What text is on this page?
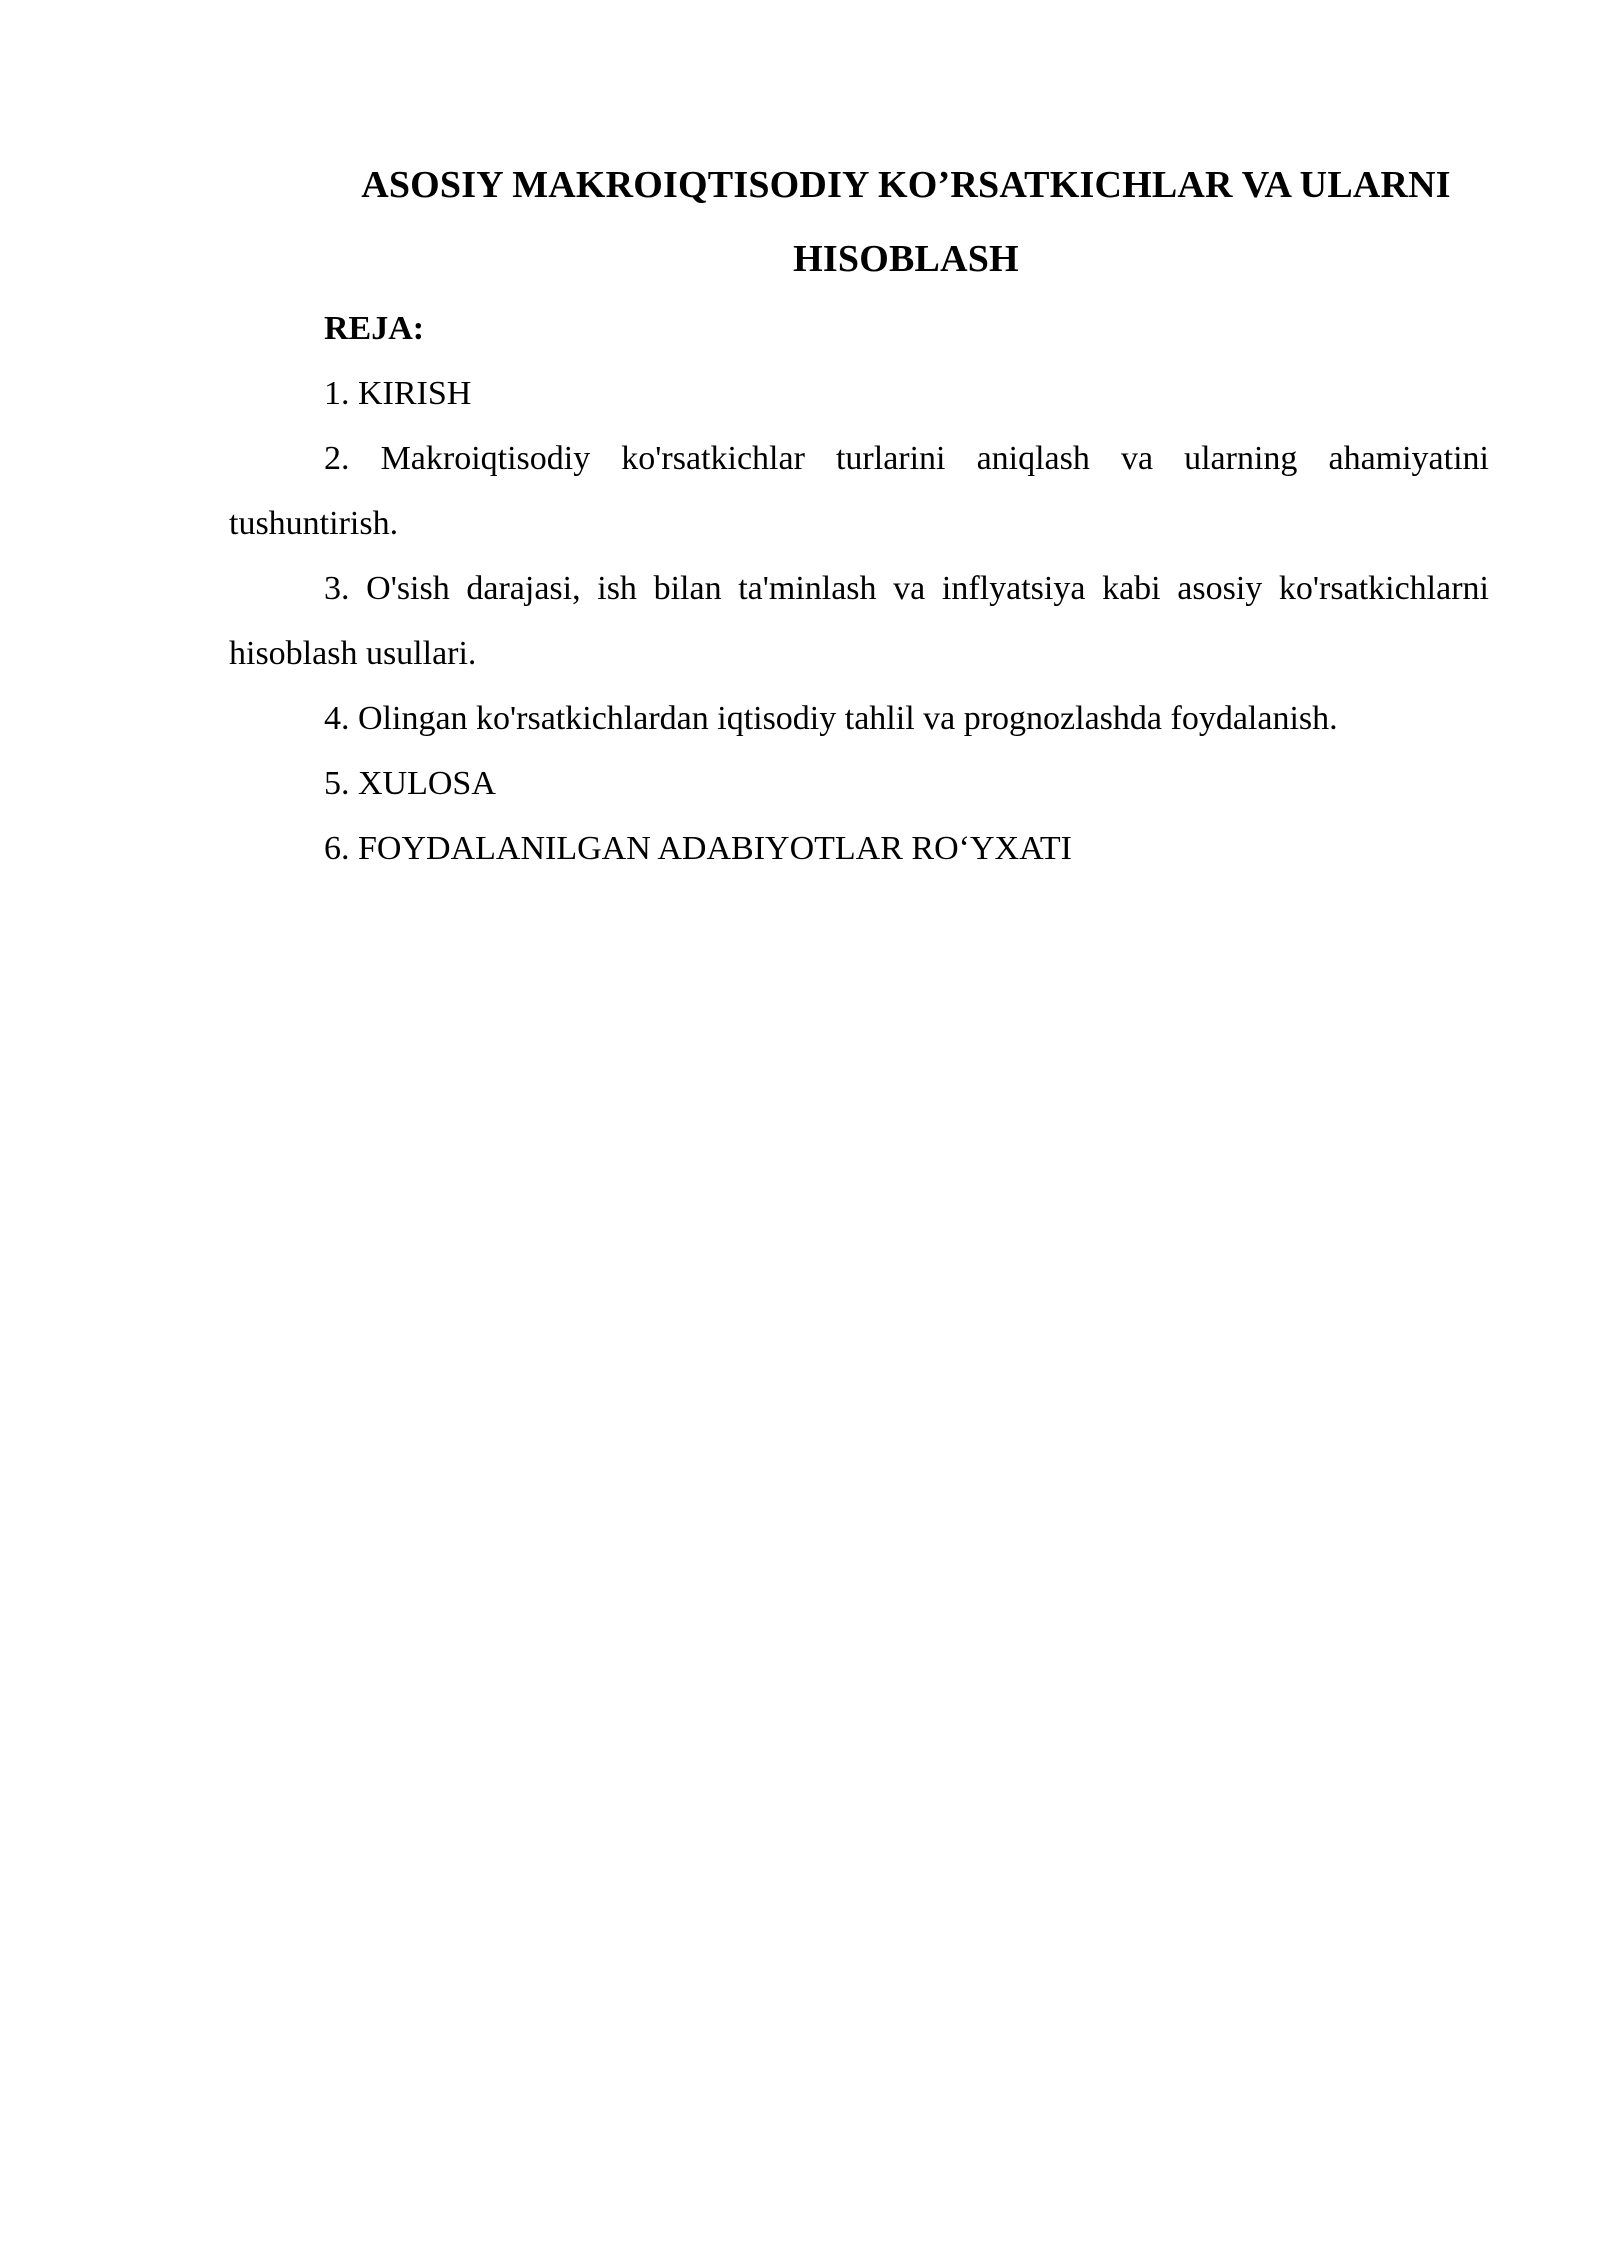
ASOSIY MAKROIQTISODIY KO’RSATKICHLAR VA ULARNI HISOBLASH

REJA:

1. KIRISH
2. Makroiqtisodiy ko'rsatkichlar turlarini aniqlash va ularning ahamiyatini tushuntirish.
3. O'sish darajasi, ish bilan ta'minlash va inflyatsiya kabi asosiy ko'rsatkichlarni hisoblash usullari.
4. Olingan ko'rsatkichlardan iqtisodiy tahlil va prognozlashda foydalanish.
5. XULOSA
6. FOYDALANILGAN ADABIYOTLAR RO‘YXATI
